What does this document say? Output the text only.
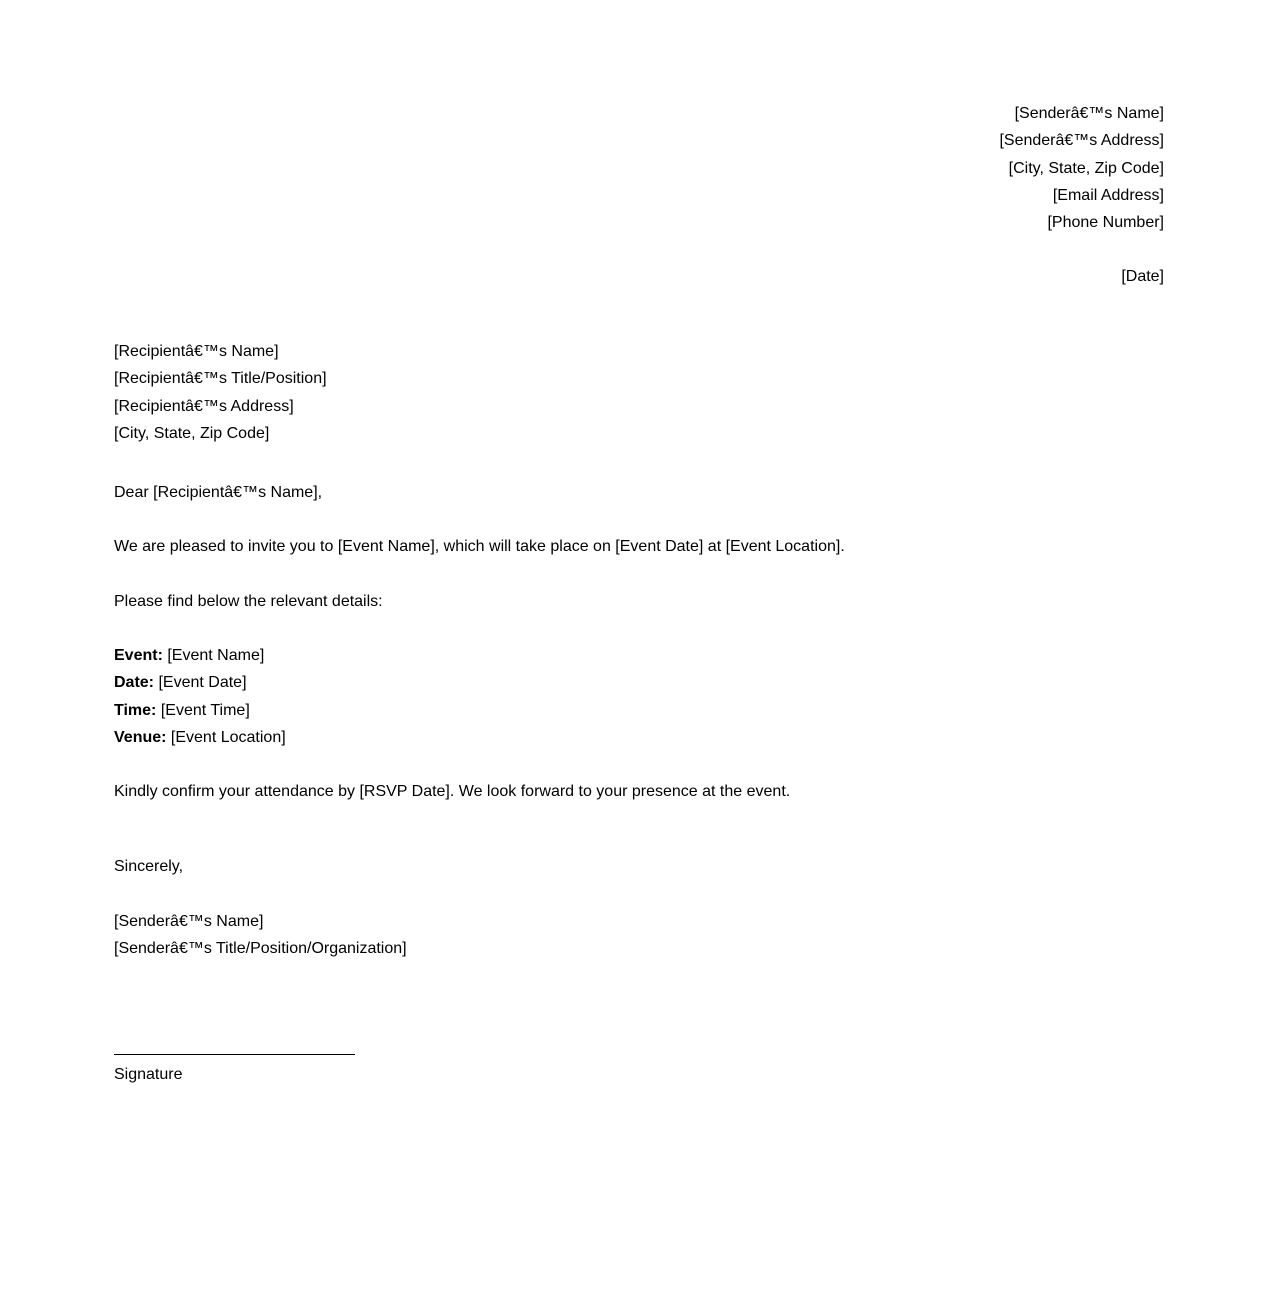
[Senderâ€™s Name]
[Senderâ€™s Address]
[City, State, Zip Code]
[Email Address]
[Phone Number]
[Date]
[Recipientâ€™s Name]
[Recipientâ€™s Title/Position]
[Recipientâ€™s Address]
[City, State, Zip Code]
Dear [Recipientâ€™s Name],
We are pleased to invite you to [Event Name], which will take place on [Event Date] at [Event Location].
Please find below the relevant details:
Event: [Event Name]
Date: [Event Date]
Time: [Event Time]
Venue: [Event Location]
Kindly confirm your attendance by [RSVP Date]. We look forward to your presence at the event.
Sincerely,
[Senderâ€™s Name]
[Senderâ€™s Title/Position/Organization]
Signature
